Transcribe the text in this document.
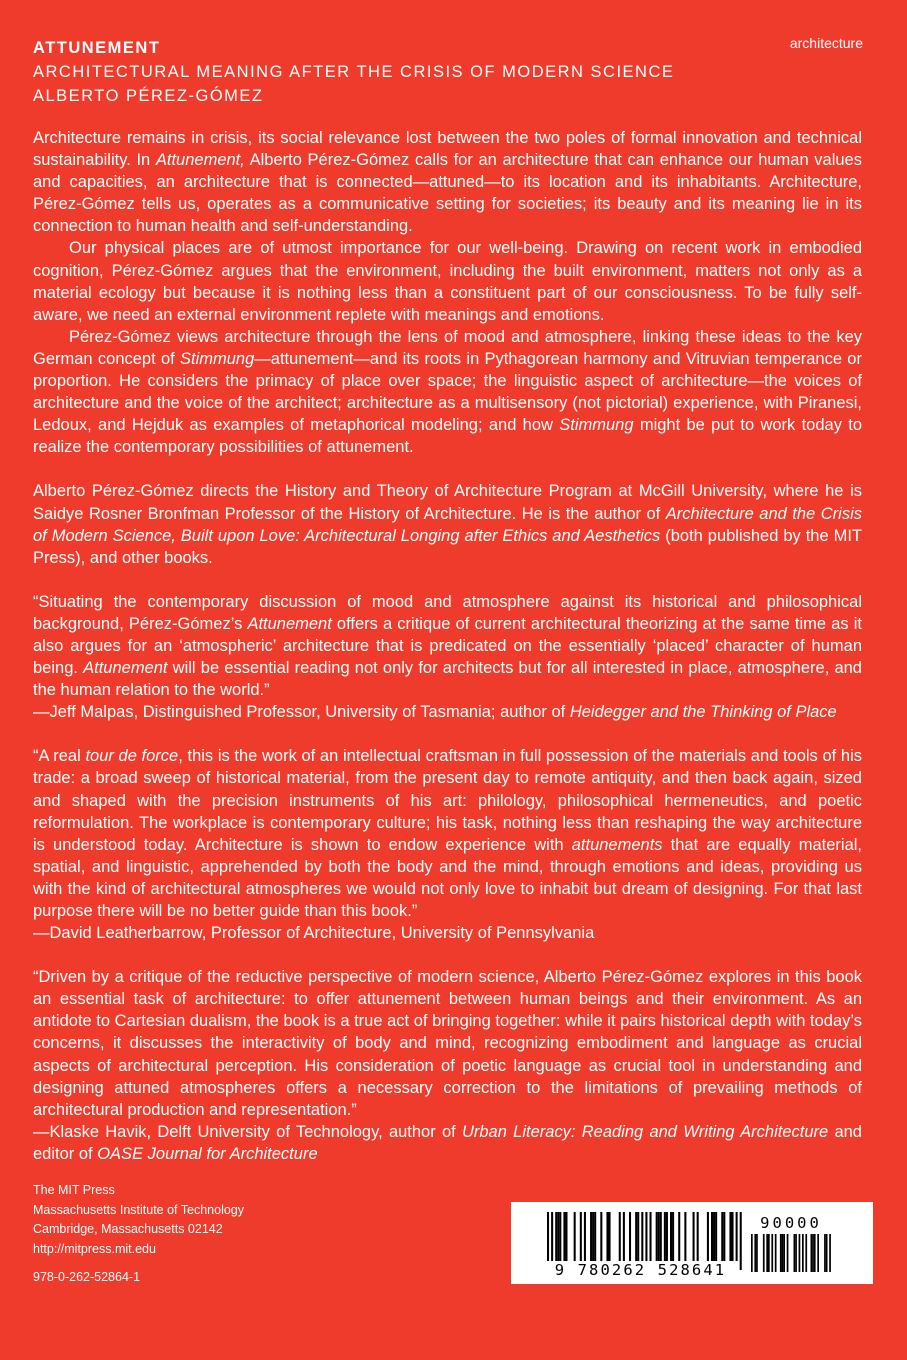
architecture
ATTUNEMENT
ARCHITECTURAL MEANING AFTER THE CRISIS OF MODERN SCIENCE
ALBERTO PÉREZ-GÓMEZ

Architecture remains in crisis, its social relevance lost between the two poles of formal innovation and technical sustainability. In Attunement, Alberto Pérez-Gómez calls for an architecture that can enhance our human values and capacities, an architecture that is connected—attuned—to its location and its inhabitants. Architecture, Pérez-Gómez tells us, operates as a communicative setting for societies; its beauty and its meaning lie in its connection to human health and self-understanding.

Our physical places are of utmost importance for our well-being. Drawing on recent work in embodied cognition, Pérez-Gómez argues that the environment, including the built environment, matters not only as a material ecology but because it is nothing less than a constituent part of our consciousness. To be fully self-aware, we need an external environment replete with meanings and emotions.

Pérez-Gómez views architecture through the lens of mood and atmosphere, linking these ideas to the key German concept of Stimmung—attunement—and its roots in Pythagorean harmony and Vitruvian temperance or proportion. He considers the primacy of place over space; the linguistic aspect of architecture—the voices of architecture and the voice of the architect; architecture as a multisensory (not pictorial) experience, with Piranesi, Ledoux, and Hejduk as examples of metaphorical modeling; and how Stimmung might be put to work today to realize the contemporary possibilities of attunement.

Alberto Pérez-Gómez directs the History and Theory of Architecture Program at McGill University, where he is Saidye Rosner Bronfman Professor of the History of Architecture. He is the author of Architecture and the Crisis of Modern Science, Built upon Love: Architectural Longing after Ethics and Aesthetics (both published by the MIT Press), and other books.

“Situating the contemporary discussion of mood and atmosphere against its historical and philosophical background, Pérez-Gómez’s Attunement offers a critique of current architectural theorizing at the same time as it also argues for an ‘atmospheric’ architecture that is predicated on the essentially ‘placed’ character of human being. Attunement will be essential reading not only for architects but for all interested in place, atmosphere, and the human relation to the world.”

—Jeff Malpas, Distinguished Professor, University of Tasmania; author of Heidegger and the Thinking of Place

“A real tour de force, this is the work of an intellectual craftsman in full possession of the materials and tools of his trade: a broad sweep of historical material, from the present day to remote antiquity, and then back again, sized and shaped with the precision instruments of his art: philology, philosophical hermeneutics, and poetic reformulation. The workplace is contemporary culture; his task, nothing less than reshaping the way architecture is understood today. Architecture is shown to endow experience with attunements that are equally material, spatial, and linguistic, apprehended by both the body and the mind, through emotions and ideas, providing us with the kind of architectural atmospheres we would not only love to inhabit but dream of designing. For that last purpose there will be no better guide than this book.”

—David Leatherbarrow, Professor of Architecture, University of Pennsylvania

“Driven by a critique of the reductive perspective of modern science, Alberto Pérez-Gómez explores in this book an essential task of architecture: to offer attunement between human beings and their environment. As an antidote to Cartesian dualism, the book is a true act of bringing together: while it pairs historical depth with today’s concerns, it discusses the interactivity of body and mind, recognizing embodiment and language as crucial aspects of architectural perception. His consideration of poetic language as crucial tool in understanding and designing attuned atmospheres offers a necessary correction to the limitations of prevailing methods of architectural production and representation.”

—Klaske Havik, Delft University of Technology, author of Urban Literacy: Reading and Writing Architecture and editor of OASE Journal for Architecture

The MIT Press
Massachusetts Institute of Technology
Cambridge, Massachusetts 02142
http://mitpress.mit.edu
978-0-262-52864-1	9 780262 528641
90000
